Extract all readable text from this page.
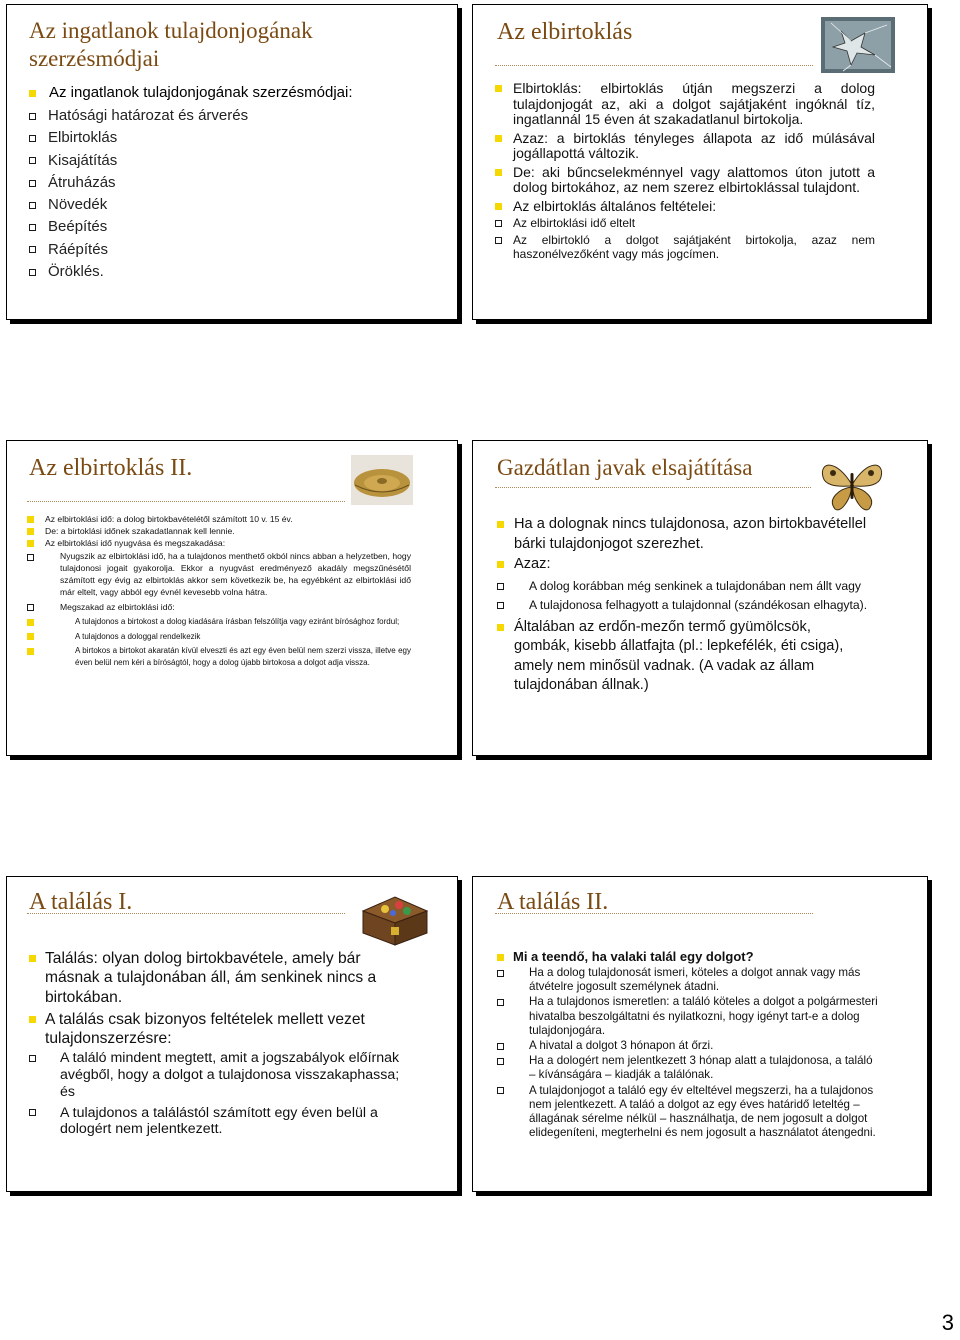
Az ingatlanok tulajdonjogának szerzésmódjai
Az ingatlanok tulajdonjogának szerzésmódjai:
Hatósági határozat és árverés
Elbirtoklás
Kisajátítás
Átruházás
Növedék
Beépítés
Ráépítés
Öröklés.
Az elbirtoklás
Elbirtoklás: elbirtoklás útján megszerzi a dolog tulajdonjogát az, aki a dolgot sajátjaként ingóknál tíz, ingatlannál 15 éven át szakadatlanul birtokolja.
Azaz: a birtoklás tényleges állapota az idő múlásával jogállapottá változik.
De: aki bűncselekménnyel vagy alattomos úton jutott a dolog birtokához, az nem szerez elbirtoklással tulajdont.
Az elbirtoklás általános feltételei:
Az elbirtoklási idő eltelt
Az elbirtokló a dolgot sajátjaként birtokolja, azaz nem haszonélvezőként vagy más jogcímen.
Az elbirtoklás II.
Az elbirtoklási idő: a dolog birtokbavételétől számított 10 v. 15 év.
De: a birtoklási időnek szakadatlannak kell lennie.
Az elbirtoklási idő nyugvása és megszakadása:
Nyugszik az elbirtoklási idő, ha a tulajdonos menthető okból nincs abban a helyzetben, hogy tulajdonosi jogait gyakorolja. Ekkor a nyugvást eredményező akadály megszűnésétől számított egy évig az elbirtoklás akkor sem következik be, ha egyébként az elbirtoklási idő már eltelt, vagy abból egy évnél kevesebb volna hátra.
Megszakad az elbirtoklási idő:
A tulajdonos a birtokost a dolog kiadására írásban felszólítja vagy eziránt bírósághoz fordul;
A tulajdonos a dologgal rendelkezik
A birtokos a birtokot akaratán kívül elveszti és azt egy éven belül nem szerzi vissza, illetve egy éven belül nem kéri a bíróságtól, hogy a dolog újabb birtokosa a dolgot adja vissza.
Gazdátlan javak elsajátítása
Ha a dolognak nincs tulajdonosa, azon birtokbavétellel bárki tulajdonjogot szerezhet.
Azaz:
A dolog korábban még senkinek a tulajdonában nem állt vagy
A tulajdonosa felhagyott a tulajdonnal (szándékosan elhagyta).
Általában az erdőn-mezőn termő gyümölcsök, gombák, kisebb állatfajta (pl.: lepkefélék, éti csiga), amely nem minősül vadnak. (A vadak az állam tulajdonában állnak.)
A találás I.
Találás: olyan dolog birtokbavétele, amely bár másnak a tulajdonában áll, ám senkinek nincs a birtokában.
A találás csak bizonyos feltételek mellett vezet tulajdonszerzésre:
A találó mindent megtett, amit a jogszabályok előírnak avégből, hogy a dolgot a tulajdonosa visszakaphassa; és
A tulajdonos a találástól számított egy éven belül a dologért nem jelentkezett.
A találás II.
Mi a teendő, ha valaki talál egy dolgot?
Ha a dolog tulajdonosát ismeri, köteles a dolgot annak vagy más átvételre jogosult személynek átadni.
Ha a tulajdonos ismeretlen: a találó köteles a dolgot a polgármesteri hivatalba beszolgáltatni és nyilatkozni, hogy igényt tart-e a dolog tulajdonjogára.
A hivatal a dolgot 3 hónapon át őrzi.
Ha a dologért nem jelentkezett 3 hónap alatt a tulajdonosa, a találó – kívánságára – kiadják a találónak.
A tulajdonjogot a találó egy év elteltével megszerzi, ha a tulajdonos nem jelentkezett. A taláó a dolgot az egy éves határidő leteltég – állagának sérelme nélkül – használhatja, de nem jogosult a dolgot elidegeníteni, megterhelni és nem jogosult a használatot átengedni.
3
